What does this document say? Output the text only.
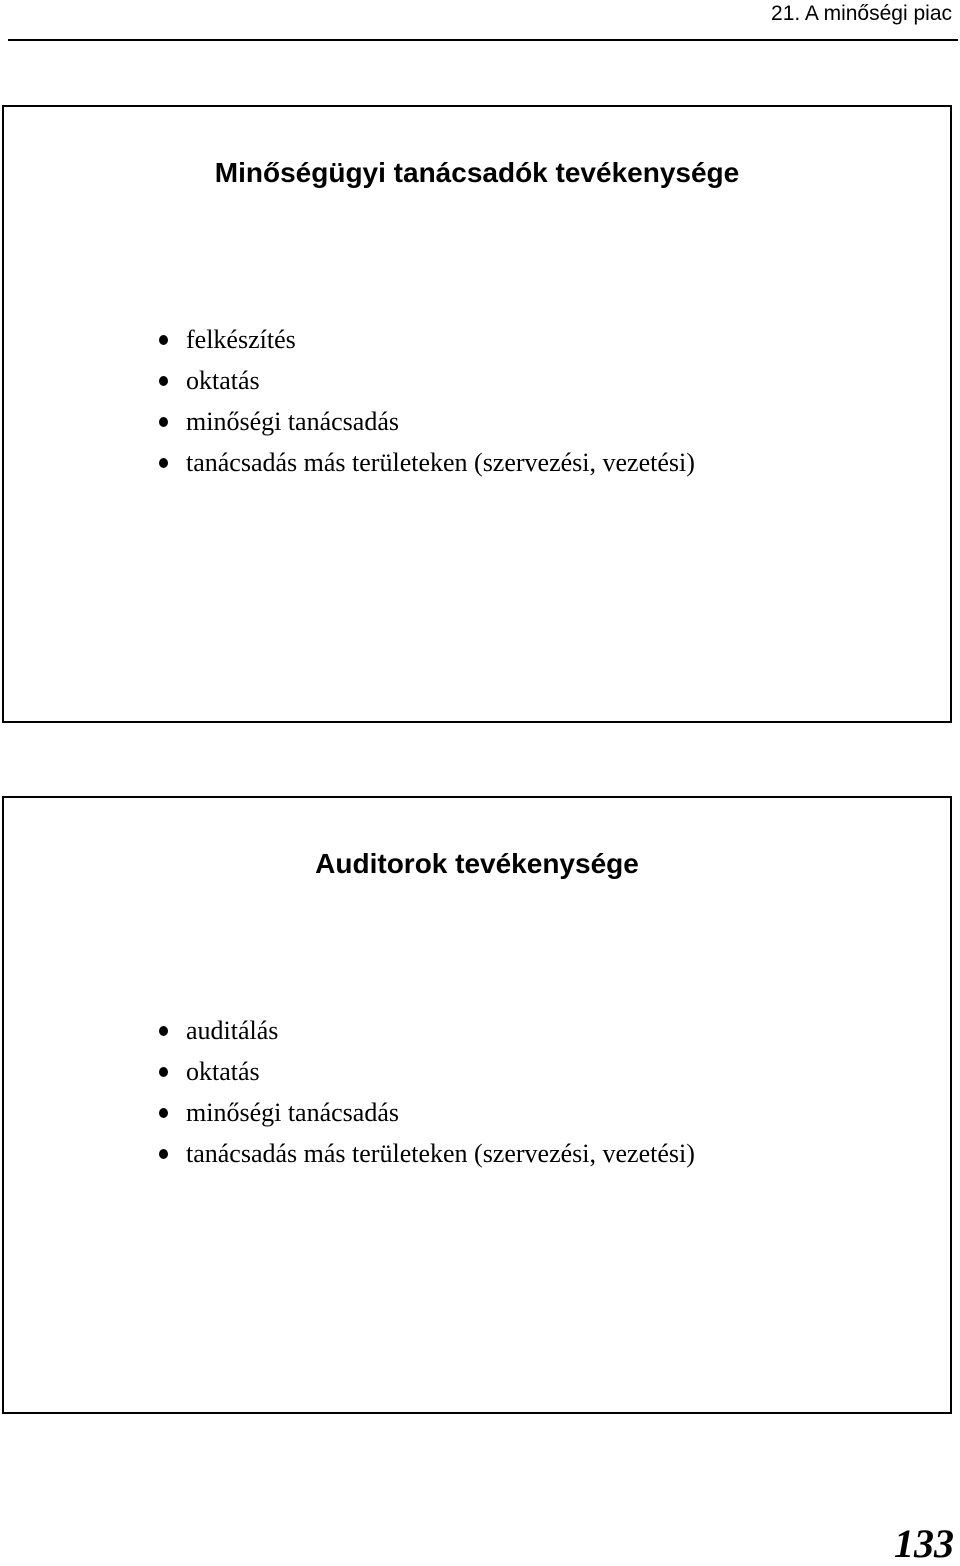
21. A minőségi piac
Minőségügyi tanácsadók tevékenysége
felkészítés
oktatás
minőségi tanácsadás
tanácsadás más területeken (szervezési, vezetési)
Auditorok tevékenysége
auditálás
oktatás
minőségi tanácsadás
tanácsadás más területeken (szervezési, vezetési)
133
